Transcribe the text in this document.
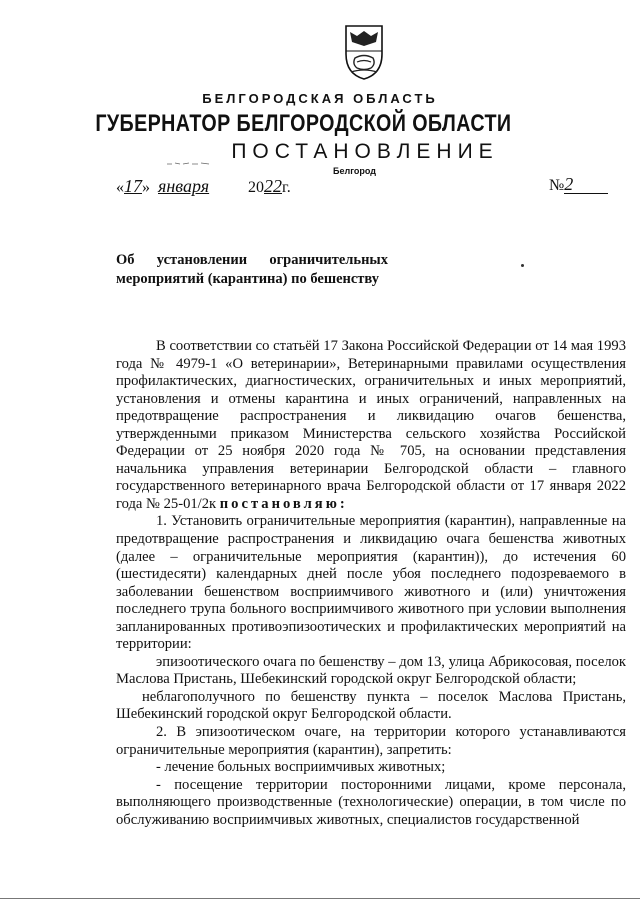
БЕЛГОРОДСКАЯ ОБЛАСТЬ
ГУБЕРНАТОР БЕЛГОРОДСКОЙ ОБЛАСТИ
ПОСТАНОВЛЕНИЕ
Белгород
«17» января 2022г.	№2
Об установлении ограничительных
мероприятий (карантина) по бешенству

В соответствии со статьёй 17 Закона Российской Федерации от 14 мая 1993 года № 4979-1 «О ветеринарии», Ветеринарными правилами осуществления профилактических, диагностических, ограничительных и иных мероприятий, установления и отмены карантина и иных ограничений, направленных на предотвращение распространения и ликвидацию очагов бешенства, утвержденными приказом Министерства сельского хозяйства Российской Федерации от 25 ноября 2020 года № 705, на основании представления начальника управления ветеринарии Белгородской области – главного государственного ветеринарного врача Белгородской области от 17 января 2022 года № 25-01/2к постановляю:

1. Установить ограничительные мероприятия (карантин), направленные на предотвращение распространения и ликвидацию очага бешенства животных (далее – ограничительные мероприятия (карантин)), до истечения 60 (шестидесяти) календарных дней после убоя последнего подозреваемого в заболевании бешенством восприимчивого животного и (или) уничтожения последнего трупа больного восприимчивого животного при условии выполнения запланированных противоэпизоотических и профилактических мероприятий на территории:

эпизоотического очага по бешенству – дом 13, улица Абрикосовая, поселок Маслова Пристань, Шебекинский городской округ Белгородской области;

неблагополучного по бешенству пункта – поселок Маслова Пристань, Шебекинский городской округ Белгородской области.

2. В эпизоотическом очаге, на территории которого устанавливаются ограничительные мероприятия (карантин), запретить:

- лечение больных восприимчивых животных;

- посещение территории посторонними лицами, кроме персонала, выполняющего производственные (технологические) операции, в том числе по обслуживанию восприимчивых животных, специалистов государственной
